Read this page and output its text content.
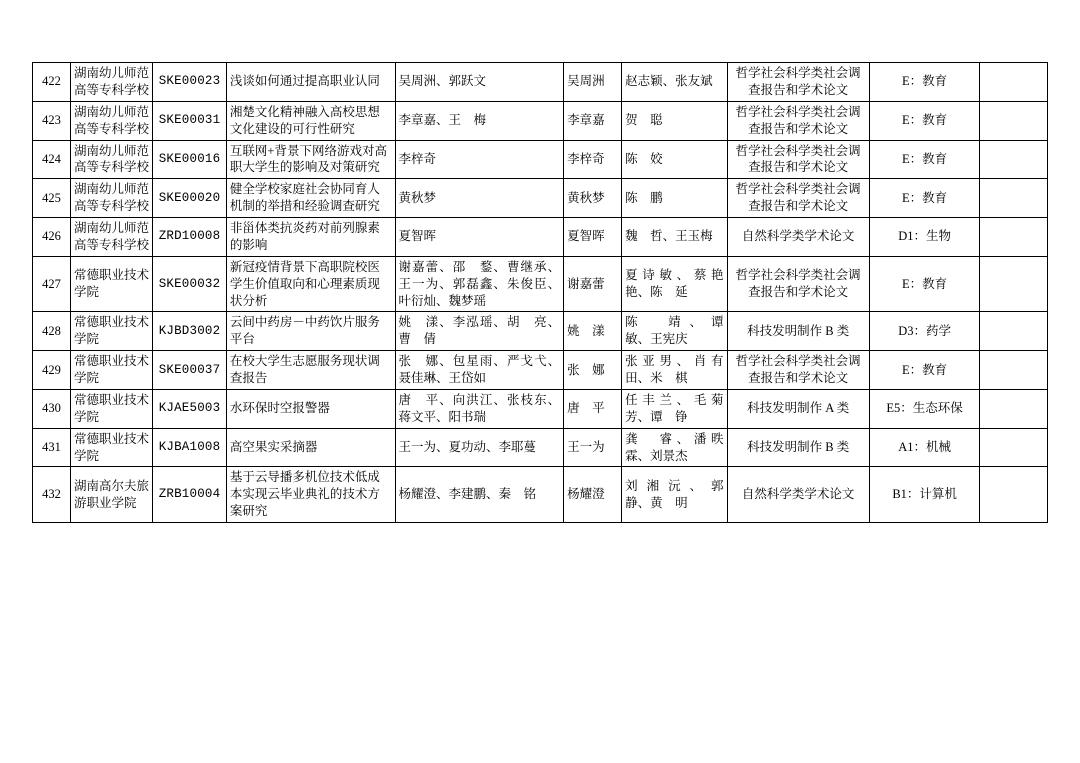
422	湖南幼儿师范高等专科学校	SKE00023	浅谈如何通过提高职业认同	吴周洲、郭跃文	吴周洲	赵志颖、张友斌	哲学社会科学类社会调查报告和学术论文	E：教育	
423	湖南幼儿师范高等专科学校	SKE00031	湘楚文化精神融入高校思想文化建设的可行性研究	李章嘉、王　梅	李章嘉	贺　聪	哲学社会科学类社会调查报告和学术论文	E：教育	
424	湖南幼儿师范高等专科学校	SKE00016	互联网+背景下网络游戏对高职大学生的影响及对策研究	李梓奇	李梓奇	陈　姣	哲学社会科学类社会调查报告和学术论文	E：教育	
425	湖南幼儿师范高等专科学校	SKE00020	健全学校家庭社会协同育人机制的举措和经验调查研究	黄秋梦	黄秋梦	陈　鹏	哲学社会科学类社会调查报告和学术论文	E：教育	
426	湖南幼儿师范高等专科学校	ZRD10008	非甾体类抗炎药对前列腺素的影响	夏智晖	夏智晖	魏　哲、王玉梅	自然科学类学术论文	D1：生物	
427	常德职业技术学院	SKE00032	新冠疫情背景下高职院校医学生价值取向和心理素质现状分析	谢嘉蕾、邵　鍪、曹继承、王一为、郭磊鑫、朱俊臣、叶衍灿、魏梦瑶	谢嘉蕾	夏诗敏、蔡艳艳、陈　延	哲学社会科学类社会调查报告和学术论文	E：教育	
428	常德职业技术学院	KJBD3002	云间中药房－中药饮片服务平台	姚　漾、李泓瑶、胡　亮、曹　倩	姚　漾	陈　靖、谭　敏、王宪庆	科技发明制作 B 类	D3：药学	
429	常德职业技术学院	SKE00037	在校大学生志愿服务现状调查报告	张　娜、包星雨、严戈弋、聂佳琳、王岱如	张　娜	张亚男、肖有田、米　棋	哲学社会科学类社会调查报告和学术论文	E：教育	
430	常德职业技术学院	KJAE5003	水环保时空报警器	唐　平、向洪江、张枝东、蒋文平、阳书瑞	唐　平	任丰兰、毛菊芳、谭　铮	科技发明制作 A 类	E5：生态环保	
431	常德职业技术学院	KJBA1008	高空果实采摘器	王一为、夏功动、李耶蔓	王一为	龚　睿、潘昳霖、刘景杰	科技发明制作 B 类	A1：机械	
432	湖南高尔夫旅游职业学院	ZRB10004	基于云导播多机位技术低成本实现云毕业典礼的技术方案研究	杨耀澄、李建鹏、秦　铭	杨耀澄	刘湘沅、郭　静、黄　明	自然科学类学术论文	B1：计算机	
